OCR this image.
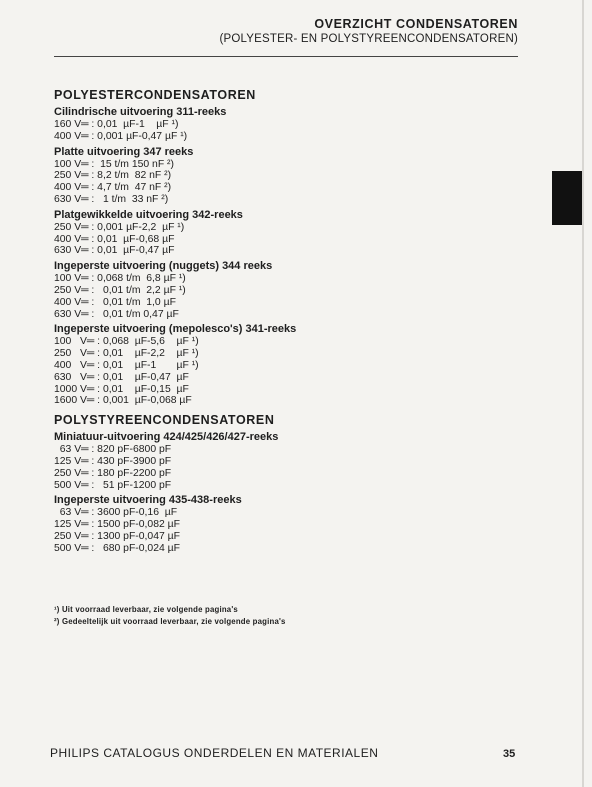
OVERZICHT CONDENSATOREN
(POLYESTER- EN POLYSTYREENCONDENSATOREN)
POLYESTERCONDENSATOREN
Cilindrische uitvoering 311-reeks
160 V═ : 0,01  µF-1    µF ¹)
400 V═ : 0,001 µF-0,47 µF ¹)
Platte uitvoering 347 reeks
100 V═ :  15 t/m 150 nF ²)
250 V═ : 8,2 t/m  82 nF ²)
400 V═ : 4,7 t/m  47 nF ²)
630 V═ :   1 t/m  33 nF ²)
Platgewikkelde uitvoering 342-reeks
250 V═ : 0,001 µF-2,2  µF ¹)
400 V═ : 0,01  µF-0,68 µF
630 V═ : 0,01  µF-0,47 µF
Ingeperste uitvoering (nuggets) 344 reeks
100 V═ : 0,068 t/m  6,8 µF ¹)
250 V═ :   0,01 t/m  2,2 µF ¹)
400 V═ :   0,01 t/m  1,0 µF
630 V═ :   0,01 t/m 0,47 µF
Ingeperste uitvoering (mepolesco's) 341-reeks
100   V═ : 0,068  µF-5,6    µF ¹)
250   V═ : 0,01    µF-2,2    µF ¹)
400   V═ : 0,01    µF-1       µF ¹)
630   V═ : 0,01    µF-0,47  µF
1000 V═ : 0,01    µF-0,15  µF
1600 V═ : 0,001  µF-0,068 µF
POLYSTYREENCONDENSATOREN
Miniatuur-uitvoering 424/425/426/427-reeks
63 V═ : 820 pF-6800 pF
125 V═ : 430 pF-3900 pF
250 V═ : 180 pF-2200 pF
500 V═ :   51 pF-1200 pF
Ingeperste uitvoering 435-438-reeks
63 V═ : 3600 pF-0,16  µF
125 V═ : 1500 pF-0,082 µF
250 V═ : 1300 pF-0,047 µF
500 V═ :   680 pF-0,024 µF
¹) Uit voorraad leverbaar, zie volgende pagina's
²) Gedeeltelijk uit voorraad leverbaar, zie volgende pagina's
PHILIPS CATALOGUS ONDERDELEN EN MATERIALEN	35
